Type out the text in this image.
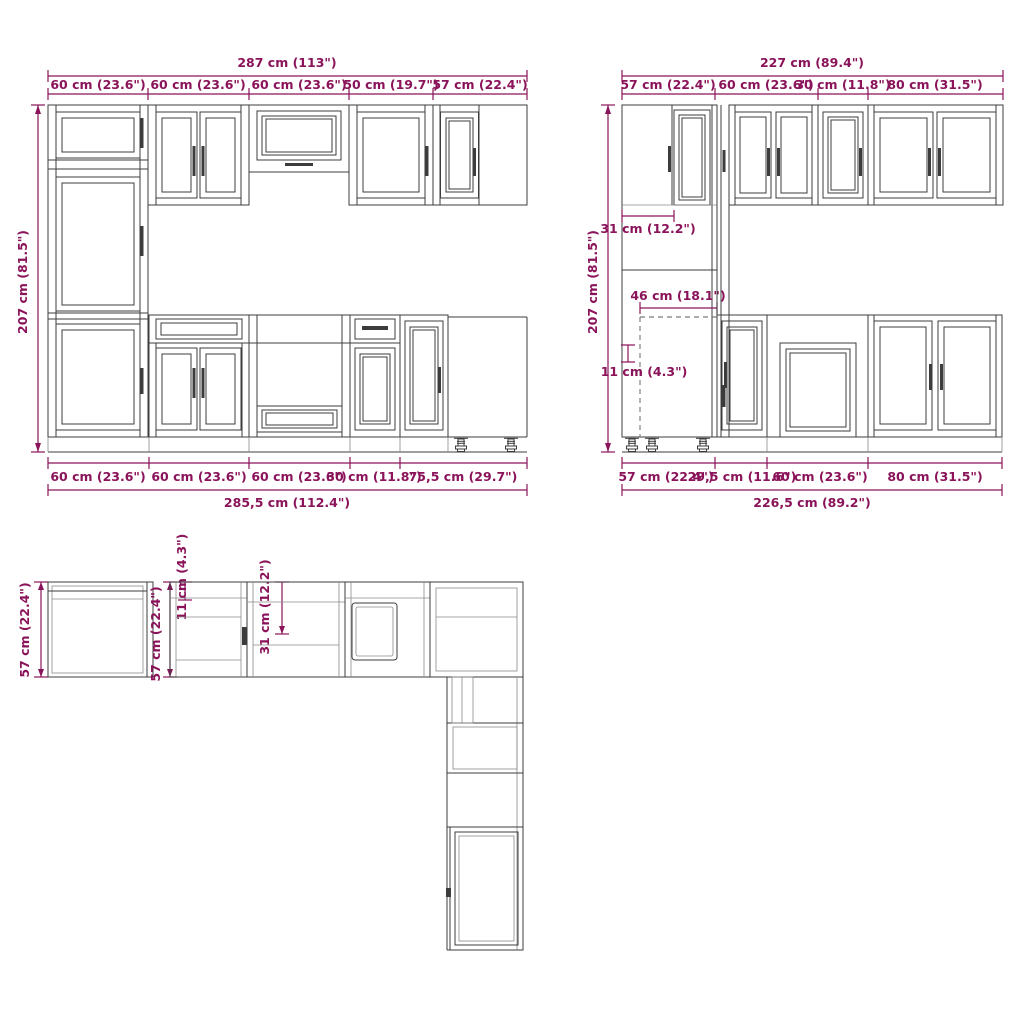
287 cm (113")
60 cm (23.6") 60 cm (23.6") 60 cm (23.6")
50 cm (19.7")
57 cm (22.4")
207 cm (81.5")
60 cm (23.6") 60 cm (23.6") 60 cm (23.6")
30 cm (11.8")
75,5 cm (29.7")
285,5 cm (112.4")
227 cm (89.4")
57 cm (22.4") 60 cm (23.6")
30 cm (11.8")
80 cm (31.5")
207 cm (81.5")
31 cm (12.2")
46 cm (18.1")
11 cm (4.3")
57 cm (22.4")
29,5 cm (11.6")
60 cm (23.6") 80 cm (31.5")
226,5 cm (89.2")
57 cm (22.4")	57 cm (22.4")
11 cm (4.3")	31 cm (12.2")
